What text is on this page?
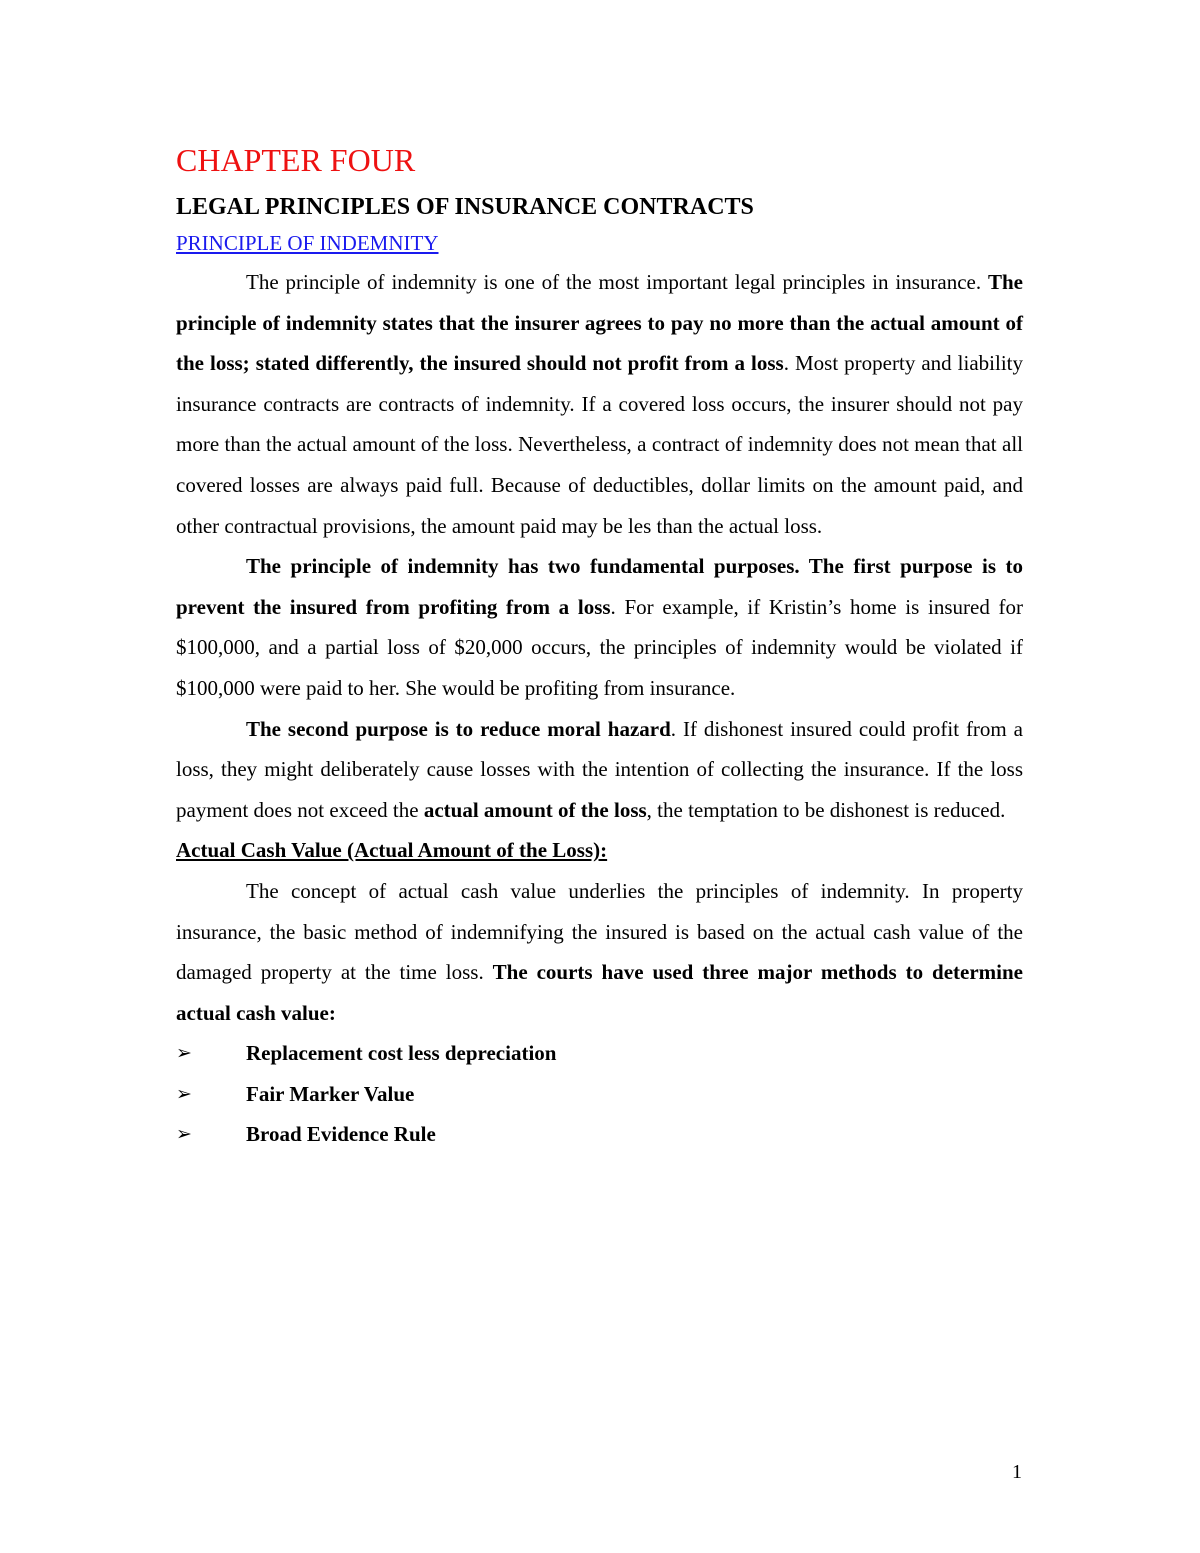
CHAPTER FOUR
LEGAL PRINCIPLES OF INSURANCE CONTRACTS
PRINCIPLE OF INDEMNITY

The principle of indemnity is one of the most important legal principles in insurance. The principle of indemnity states that the insurer agrees to pay no more than the actual amount of the loss; stated differently, the insured should not profit from a loss. Most property and liability insurance contracts are contracts of indemnity. If a covered loss occurs, the insurer should not pay more than the actual amount of the loss. Nevertheless, a contract of indemnity does not mean that all covered losses are always paid full. Because of deductibles, dollar limits on the amount paid, and other contractual provisions, the amount paid may be les than the actual loss.

The principle of indemnity has two fundamental purposes. The first purpose is to prevent the insured from profiting from a loss. For example, if Kristin’s home is insured for $100,000, and a partial loss of $20,000 occurs, the principles of indemnity would be violated if $100,000 were paid to her. She would be profiting from insurance.

The second purpose is to reduce moral hazard. If dishonest insured could profit from a loss, they might deliberately cause losses with the intention of collecting the insurance. If the loss payment does not exceed the actual amount of the loss, the temptation to be dishonest is reduced.

Actual Cash Value (Actual Amount of the Loss):

The concept of actual cash value underlies the principles of indemnity. In property insurance, the basic method of indemnifying the insured is based on the actual cash value of the damaged property at the time loss. The courts have used three major methods to determine actual cash value:

➢	Replacement cost less depreciation
➢	Fair Marker Value
➢	Broad Evidence Rule
1
